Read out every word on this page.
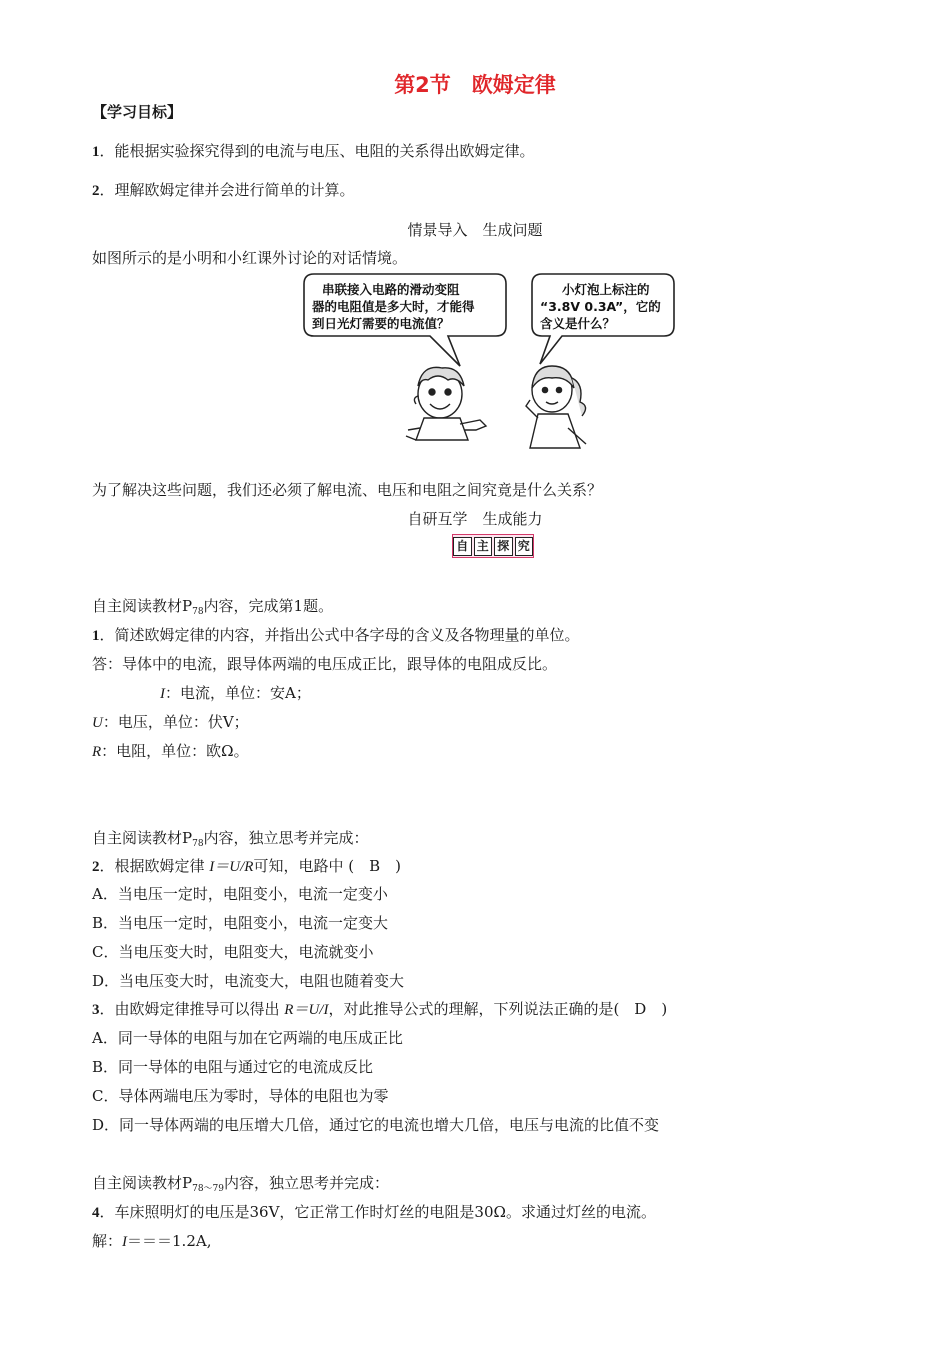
第2节　欧姆定律
【学习目标】
1．能根据实验探究得到的电流与电压、电阻的关系得出欧姆定律。
2．理解欧姆定律并会进行简单的计算。
情景导入　生成问题
如图所示的是小明和小红课外讨论的对话情境。
串联接入电路的滑动变阻
器的电阻值是多大时，才能得
到日光灯需要的电流值？
小灯泡上标注的
“3.8V 0.3A”，它的
含义是什么？
为了解决这些问题，我们还必须了解电流、电压和电阻之间究竟是什么关系？
自研互学　生成能力
自 主 探 究
自主阅读教材$P_{78}$内容，完成第1题。
1．简述欧姆定律的内容，并指出公式中各字母的含义及各物理量的单位。
答：导体中的电流，跟导体两端的电压成正比，跟导体的电阻成反比。
I：电流，单位：安A；
U：电压，单位：伏V；
R：电阻，单位：欧Ω。
自主阅读教材$P_{78}$内容，独立思考并完成：
2．根据欧姆定律 I＝U/R可知，电路中 (　B　)
A．当电压一定时，电阻变小，电流一定变小
B．当电压一定时，电阻变小，电流一定变大
C．当电压变大时，电阻变大，电流就变小
D．当电压变大时，电流变大，电阻也随着变大
3．由欧姆定律推导可以得出 R＝U/I，对此推导公式的理解，下列说法正确的是(　D　)
A．同一导体的电阻与加在它两端的电压成正比
B．同一导体的电阻与通过它的电流成反比
C．导体两端电压为零时，导体的电阻也为零
D．同一导体两端的电压增大几倍，通过它的电流也增大几倍，电压与电流的比值不变
自主阅读教材$P_{78\sim 79}$内容，独立思考并完成：
4．车床照明灯的电压是36V，它正常工作时灯丝的电阻是30Ω。求通过灯丝的电流。
解：I＝＝＝1.2A,
